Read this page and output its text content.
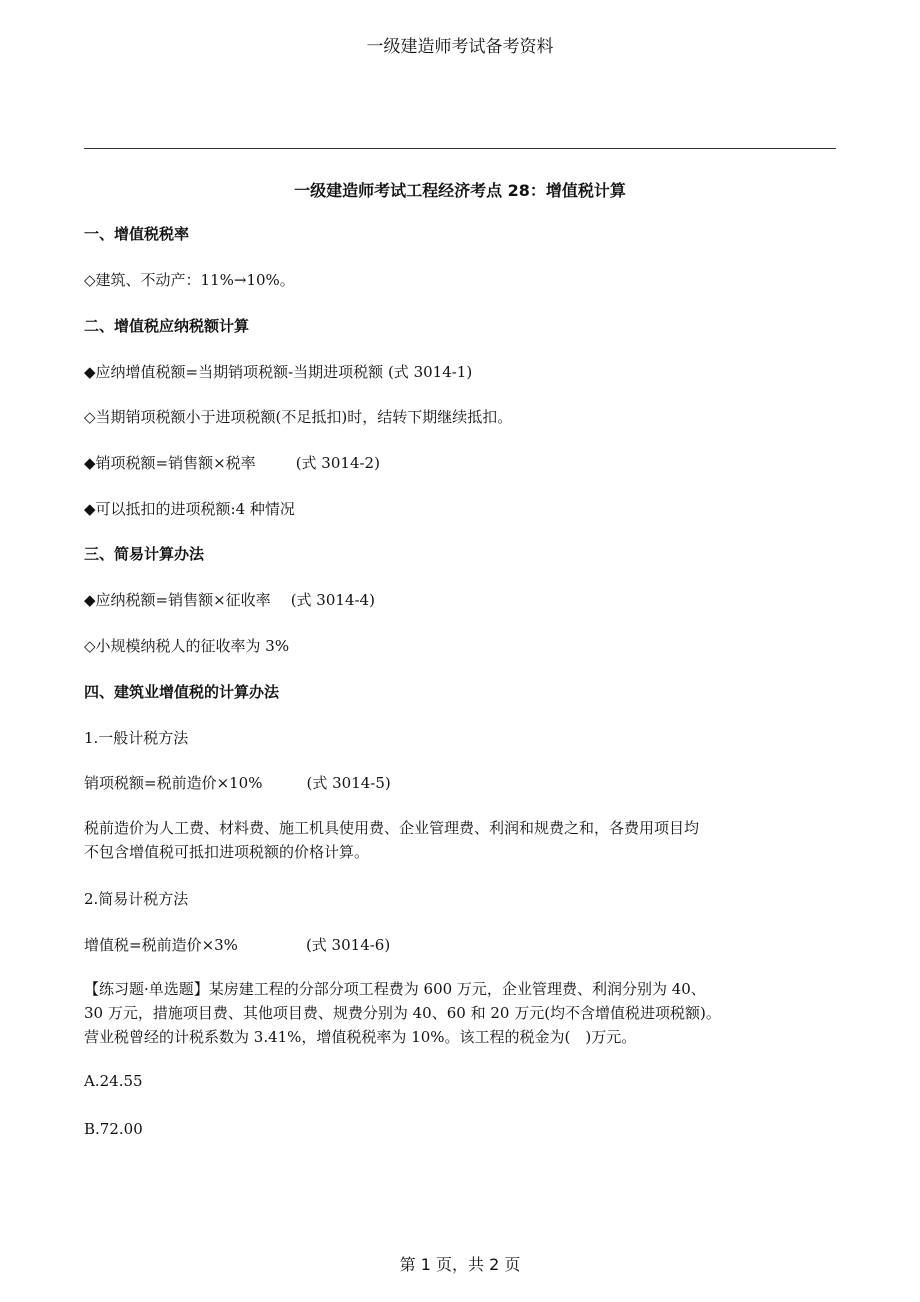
一级建造师考试备考资料
一级建造师考试工程经济考点 28：增值税计算
一、增值税税率
◇建筑、不动产：11%→10%。
二、增值税应纳税额计算
◆应纳增值税额=当期销项税额-当期进项税额 (式 3014-1)
◇当期销项税额小于进项税额(不足抵扣)时，结转下期继续抵扣。
◆销项税额=销售额×税率	(式 3014-2)
◆可以抵扣的进项税额:4 种情况
三、简易计算办法
◆应纳税额=销售额×征收率 (式 3014-4)
◇小规模纳税人的征收率为 3%
四、建筑业增值税的计算办法
1.一般计税方法
销项税额=税前造价×10%	(式 3014-5)
税前造价为人工费、材料费、施工机具使用费、企业管理费、利润和规费之和，各费用项目均
不包含增值税可抵扣进项税额的价格计算。
2.简易计税方法
增值税=税前造价×3%	(式 3014-6)
【练习题·单选题】某房建工程的分部分项工程费为 600 万元，企业管理费、利润分别为 40、
30 万元，措施项目费、其他项目费、规费分别为 40、60 和 20 万元(均不含增值税进项税额)。
营业税曾经的计税系数为 3.41%，增值税税率为 10%。该工程的税金为(　)万元。
A.24.55
B.72.00
第 1 页，共 2 页
